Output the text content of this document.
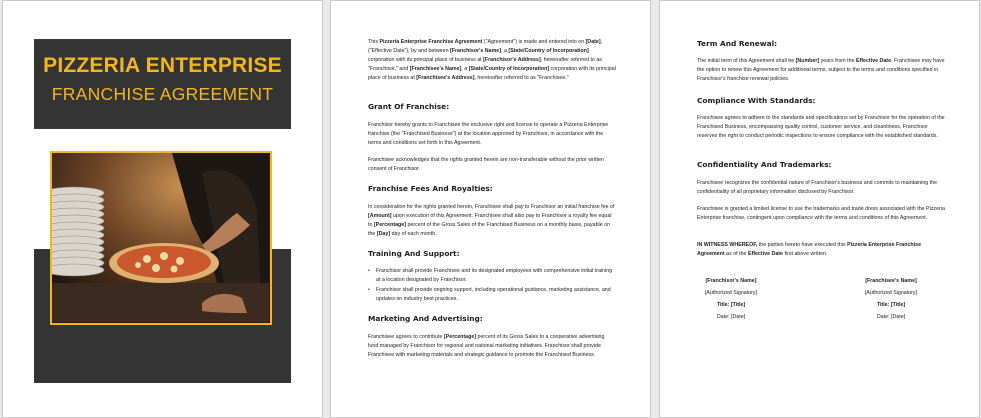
PIZZERIA ENTERPRISE
FRANCHISE AGREEMENT
This Pizzeria Enterprise Franchise Agreement ("Agreement") is made and entered into on [Date], ("Effective Date"), by and between [Franchisor's Name], a [State/Country of Incorporation] corporation with its principal place of business at [Franchisor's Address], hereinafter referred to as "Franchisor," and [Franchisee's Name], a [State/Country of Incorporation] corporation with its principal place of business at [Franchisee's Address], hereinafter referred to as "Franchisee."
Grant Of Franchise:
Franchisor hereby grants to Franchisee the exclusive right and license to operate a Pizzeria Enterprise franchise (the "Franchised Business") at the location approved by Franchisor, in accordance with the terms and conditions set forth in this Agreement.
Franchisee acknowledges that the rights granted herein are non-transferable without the prior written consent of Franchisor.
Franchise Fees And Royalties:
In consideration for the rights granted herein, Franchisee shall pay to Franchisor an initial franchise fee of [Amount] upon execution of this Agreement. Franchisee shall also pay to Franchisor a royalty fee equal to [Percentage] percent of the Gross Sales of the Franchised Business on a monthly basis, payable on the [Day] day of each month.
Training And Support:
• Franchisor shall provide Franchisee and its designated employees with comprehensive initial training at a location designated by Franchisor.
• Franchisor shall provide ongoing support, including operational guidance, marketing assistance, and updates on industry best practices.
Marketing And Advertising:
Franchisee agrees to contribute [Percentage] percent of its Gross Sales to a cooperative advertising fund managed by Franchisor for regional and national marketing initiatives. Franchisor shall provide Franchisee with marketing materials and strategic guidance to promote the Franchised Business.
Term And Renewal:
The initial term of this Agreement shall be [Number] years from the Effective Date. Franchisee may have the option to renew this Agreement for additional terms, subject to the terms and conditions specified in Franchisor's franchise renewal policies.
Compliance With Standards:
Franchisee agrees to adhere to the standards and specifications set by Franchisor for the operation of the Franchised Business, encompassing quality control, customer service, and cleanliness. Franchisor reserves the right to conduct periodic inspections to ensure compliance with the established standards.
Confidentiality And Trademarks:
Franchisee recognizes the confidential nature of Franchisor's business and commits to maintaining the confidentiality of all proprietary information disclosed by Franchisor.
Franchisee is granted a limited license to use the trademarks and trade dress associated with the Pizzeria Enterprise franchise, contingent upon compliance with the terms and conditions of this Agreement.
IN WITNESS WHEREOF, the parties hereto have executed this Pizzeria Enterprise Franchise Agreement as of the Effective Date first above written.
[Franchisor's Name]
[Authorized Signatory]
Title: [Title]
Date: [Date]
[Franchisee's Name]
[Authorized Signatory]
Title: [Title]
Date: [Date]
